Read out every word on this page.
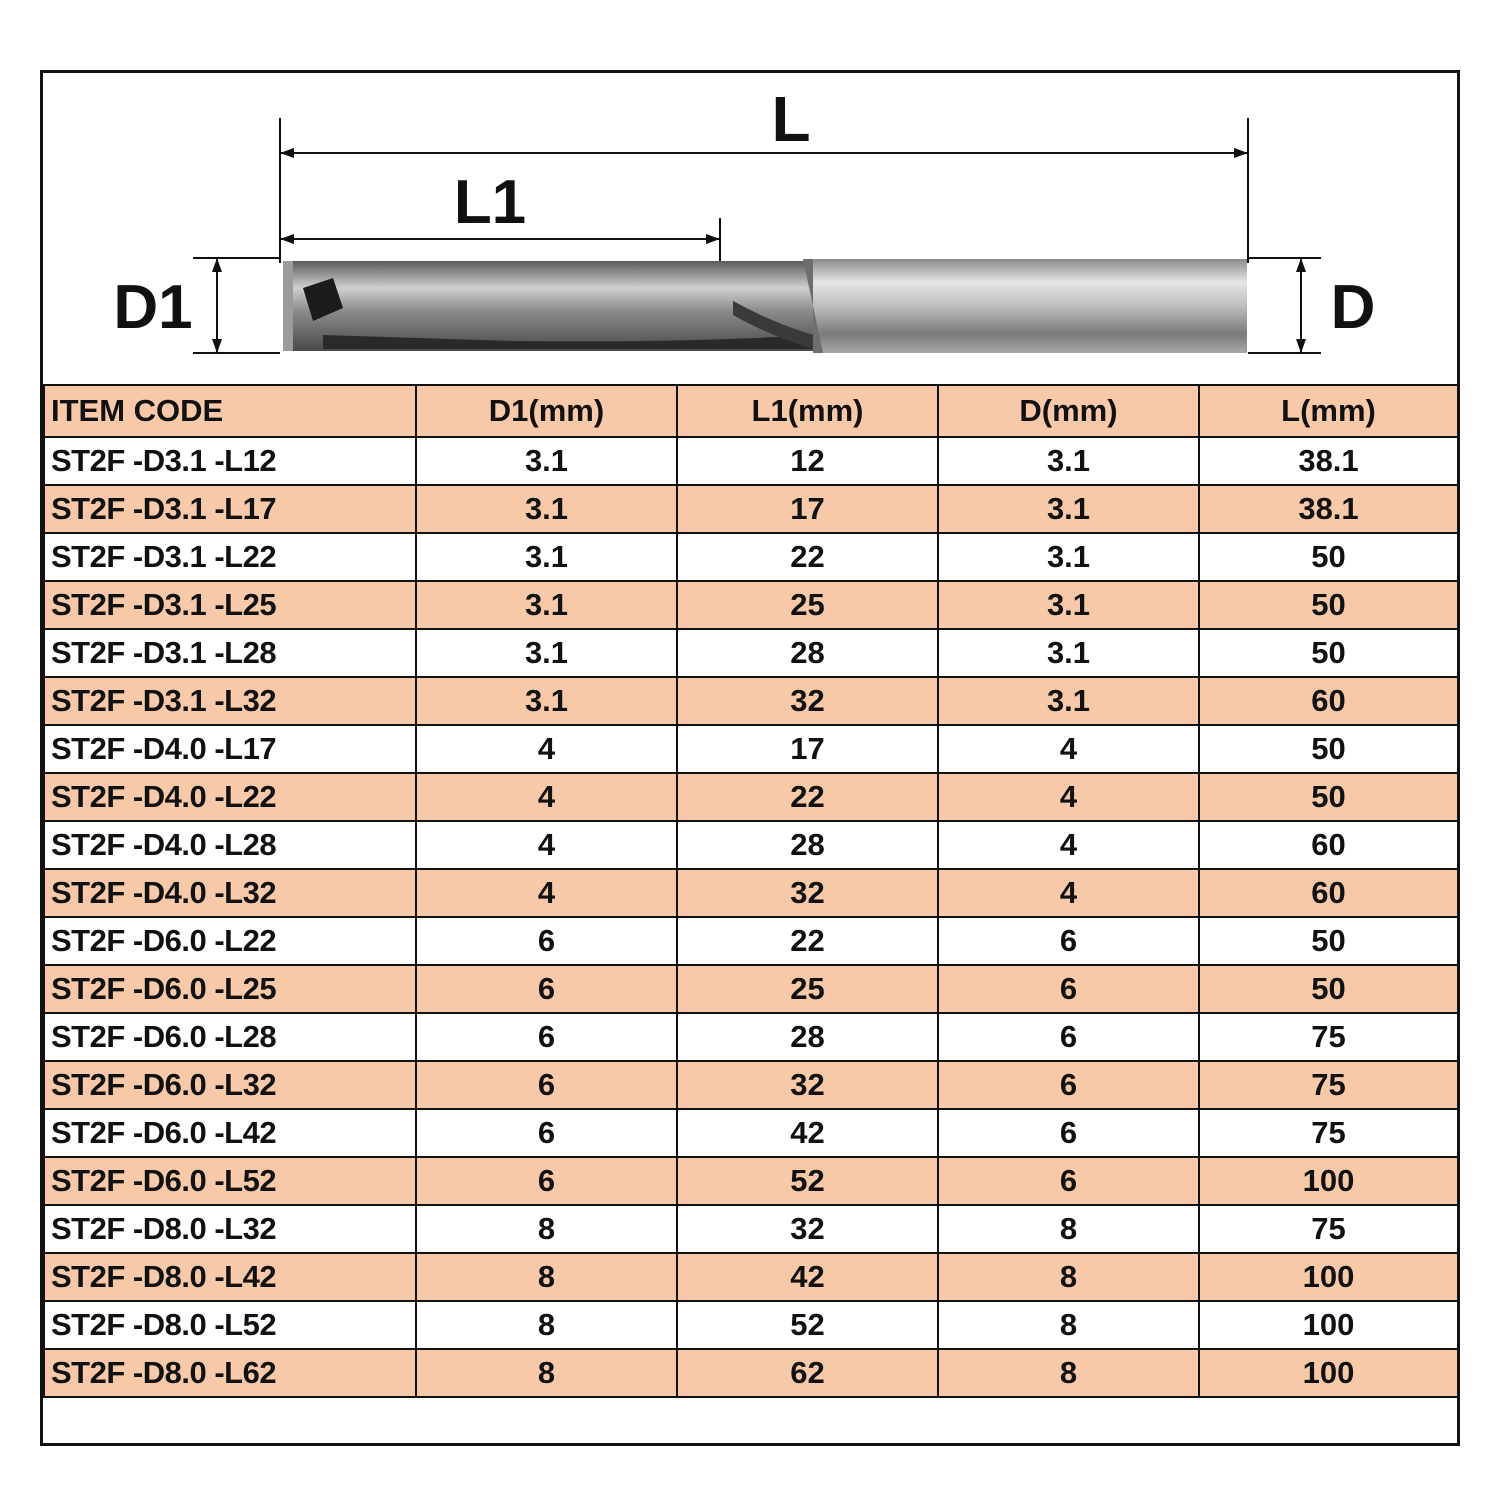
L
L1
D1	D
ITEM CODE	D1(mm)	L1(mm)	D(mm)	L(mm)
ST2F -D3.1 -L12	3.1	12	3.1	38.1
ST2F -D3.1 -L17	3.1	17	3.1	38.1
ST2F -D3.1 -L22	3.1	22	3.1	50
ST2F -D3.1 -L25	3.1	25	3.1	50
ST2F -D3.1 -L28	3.1	28	3.1	50
ST2F -D3.1 -L32	3.1	32	3.1	60
ST2F -D4.0 -L17	4	17	4	50
ST2F -D4.0 -L22	4	22	4	50
ST2F -D4.0 -L28	4	28	4	60
ST2F -D4.0 -L32	4	32	4	60
ST2F -D6.0 -L22	6	22	6	50
ST2F -D6.0 -L25	6	25	6	50
ST2F -D6.0 -L28	6	28	6	75
ST2F -D6.0 -L32	6	32	6	75
ST2F -D6.0 -L42	6	42	6	75
ST2F -D6.0 -L52	6	52	6	100
ST2F -D8.0 -L32	8	32	8	75
ST2F -D8.0 -L42	8	42	8	100
ST2F -D8.0 -L52	8	52	8	100
ST2F -D8.0 -L62	8	62	8	100
